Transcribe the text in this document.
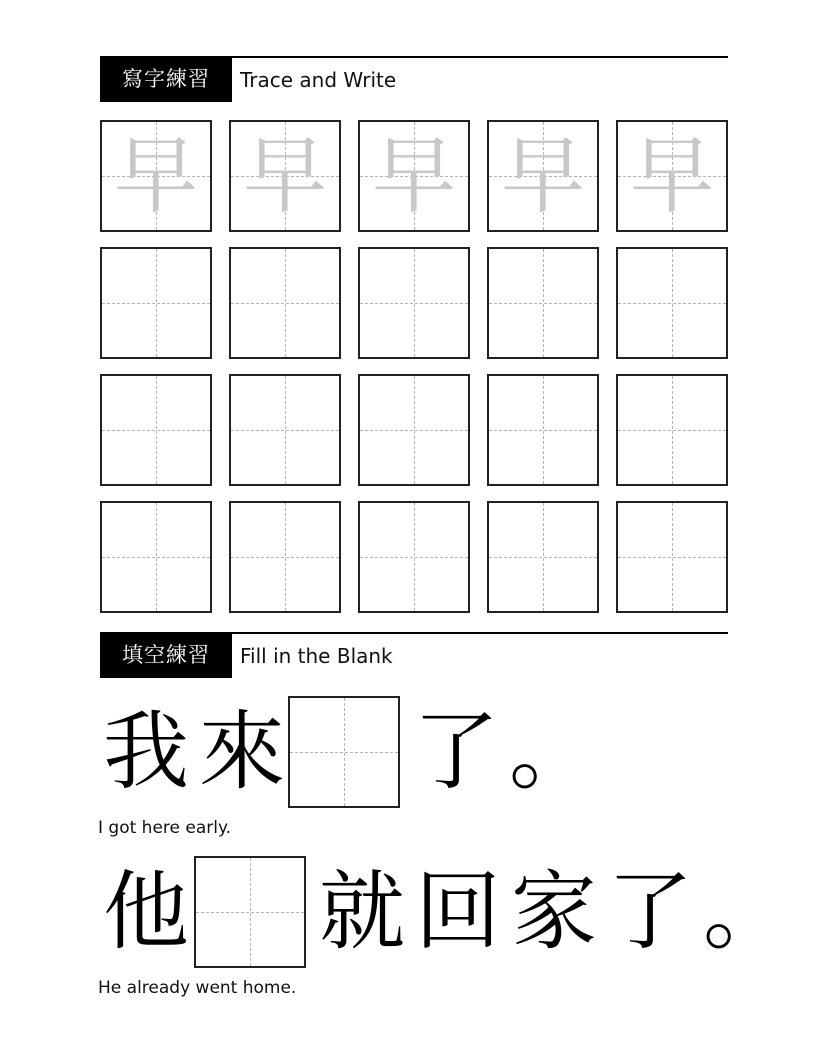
寫字練習	Trace and Write
早 早 早 早 早
填空練習	Fill in the Blank
我 來 了 。
I got here early.
他 就 回 家 了 。
He already went home.
